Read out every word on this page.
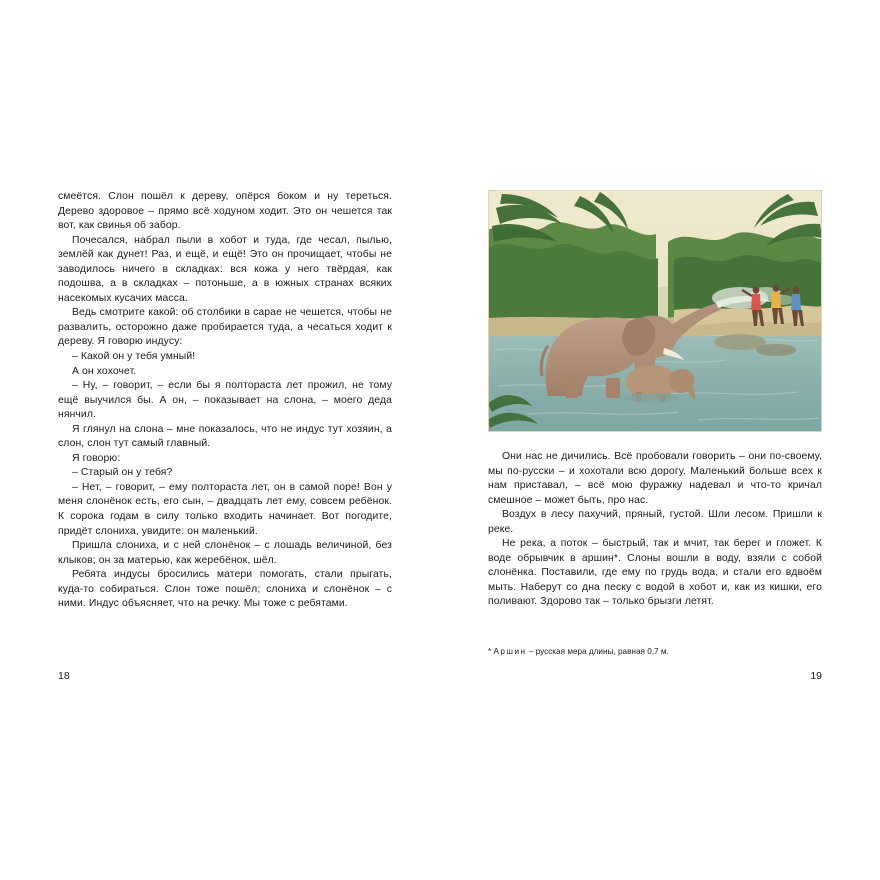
смеётся. Слон пошёл к дереву, опёрся боком и ну тереться. Дерево здоровое – прямо всё ходуном ходит. Это он чешется так вот, как свинья об забор.

Почесался, набрал пыли в хобот и туда, где чесал, пылью, землёй как дунет! Раз, и ещё, и ещё! Это он прочищает, чтобы не заводилось ничего в складках: вся кожа у него твёрдая, как подошва, а в складках – потоньше, а в южных странах всяких насекомых кусачих масса.

Ведь смотрите какой: об столбики в сарае не чешется, чтобы не развалить, осторожно даже пробирается туда, а чесаться ходит к дереву. Я говорю индусу:

– Какой он у тебя умный!

А он хохочет.

– Ну, – говорит, – если бы я полтораста лет прожил, не тому ещё выучился бы. А он, – показывает на слона, – моего деда нянчил.

Я глянул на слона – мне показалось, что не индус тут хозяин, а слон, слон тут самый главный.

Я говорю:

– Старый он у тебя?

– Нет, – говорит, – ему полтораста лет, он в самой поре! Вон у меня слонёнок есть, его сын, – двадцать лет ему, совсем ребёнок. К сорока годам в силу только входить начинает. Вот погодите, придёт слониха, увидите: он маленький.

Пришла слониха, и с ней слонёнок – с лошадь величиной, без клыков; он за матерью, как жеребёнок, шёл.

Ребята индусы бросились матери помогать, стали прыгать, куда-то собираться. Слон тоже пошёл; слониха и слонёнок – с ними. Индус объясняет, что на речку. Мы тоже с ребятами.

18

Они нас не дичились. Всё пробовали говорить – они по-своему, мы по-русски – и хохотали всю дорогу. Маленький больше всех к нам приставал, – всё мою фуражку надевал и что-то кричал смешное – может быть, про нас.

Воздух в лесу пахучий, пряный, густой. Шли лесом. Пришли к реке.

Не река, а поток – быстрый, так и мчит, так берег и гложет. К воде обрывчик в аршин*. Слоны вошли в воду, взяли с собой слонёнка. Поставили, где ему по грудь вода, и стали его вдвоём мыть. Наберут со дна песку с водой в хобот и, как из кишки, его поливают. Здорово так – только брызги летят.

* Аршин – русская мера длины, равная 0,7 м.
19
